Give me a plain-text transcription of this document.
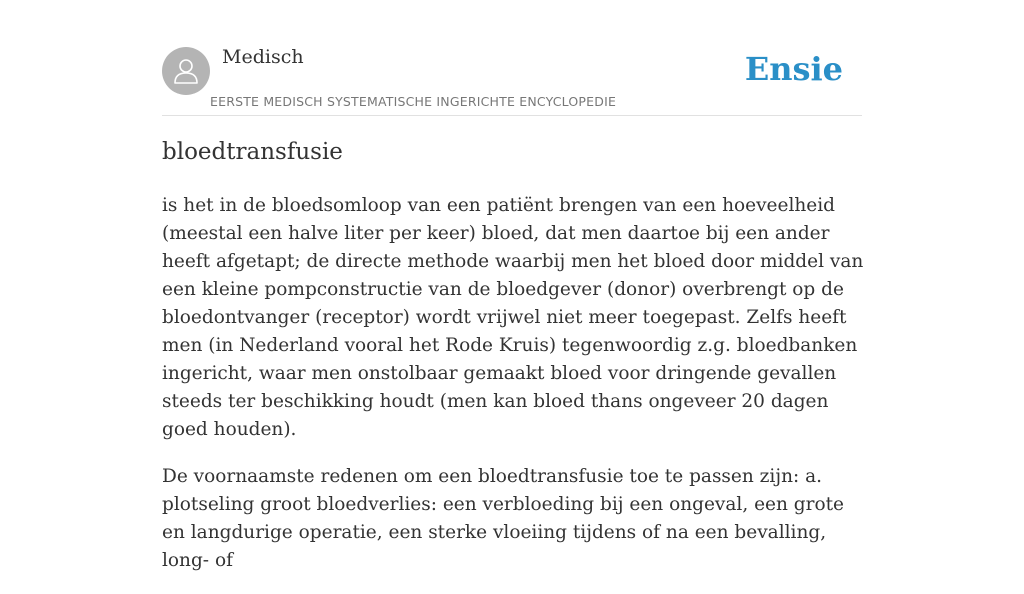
Medisch
EERSTE MEDISCH SYSTEMATISCHE INGERICHTE ENCYCLOPEDIE
Ensie
bloedtransfusie

is het in de bloedsomloop van een patiënt brengen van een hoeveelheid (meestal een halve liter per keer) bloed, dat men daartoe bij een ander heeft afgetapt; de directe methode waarbij men het bloed door middel van een kleine pompconstructie van de bloedgever (donor) overbrengt op de bloedontvanger (receptor) wordt vrijwel niet meer toegepast. Zelfs heeft men (in Nederland vooral het Rode Kruis) tegenwoordig z.g. bloedbanken ingericht, waar men onstolbaar gemaakt bloed voor dringende gevallen steeds ter beschikking houdt (men kan bloed thans ongeveer 20 dagen goed houden).

De voornaamste redenen om een bloedtransfusie toe te passen zijn: a. plotseling groot bloedverlies: een verbloeding bij een ongeval, een grote en langdurige operatie, een sterke vloeiing tijdens of na een bevalling, long- of
